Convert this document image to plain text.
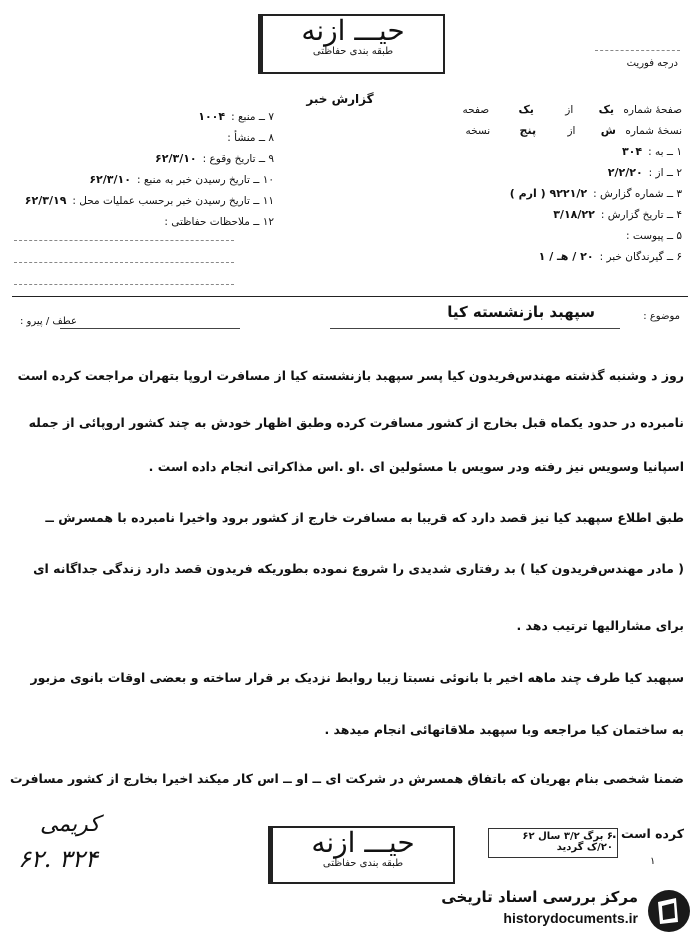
حیـــ ازنه
طبقه بندی حفاظتی
درجه فوریت
گزارش خبر
صفحۀ شماره یک از یک صفحه
نسخۀ شماره ش از پنج نسخه
۱ ــ به :۳۰۴
۲ ــ از :۲/۲/۲۰
۳ ــ شماره گزارش :۹۲۲۱/۲ ( ارم )
۴ ــ تاریخ گزارش :۳/۱۸/۲۲
۵ ــ پیوست :
۶ ــ گیرندگان خبر :۲۰ / هـ / ۱
۷ ــ منبع :۱۰۰۴
۸ ــ منشأ :
۹ ــ تاریخ وقوع :۶۲/۳/۱۰
۱۰ ــ تاریخ رسیدن خبر به منبع :۶۲/۳/۱۰
۱۱ ــ تاریخ رسیدن خبر برحسب عملیات محل :۶۲/۳/۱۹
۱۲ ــ ملاحظات حفاظتی :
موضوع :
سپهبد بازنشسته کیا
عطف / پیرو :
روز د وشنبه گذشته مهندس‌فریدون کیا پسر سپهبد بازنشسته کیا از مسافرت اروپا بتهران مراجعت کرده است
نامبرده در حدود یکماه قبل بخارج از کشور مسافرت کرده وطبق اظهار خودش به چند کشور اروپائی از جمله
اسپانیا وسویس نیز رفته ودر سویس با مسئولین ای .او .اس مذاکراتی انجام داده است .
طبق اطلاع سپهبد کیا نیز قصد دارد که قریبا به مسافرت خارج از کشور برود واخیرا نامبرده با همسرش ــ
( مادر مهندس‌فریدون کیا ) بد رفتاری شدیدی را شروع نموده بطوریکه فریدون قصد دارد زندگی جداگانه ای
برای مشارالیها ترتیب دهد .
سپهبد کیا طرف چند ماهه اخیر با بانوئی نسبتا زیبا روابط نزدیک بر قرار ساخته و بعضی اوقات بانوی مزبور
به ساختمان کیا مراجعه وبا سپهبد ملاقاتهائی انجام میدهد .
ضمنا شخصی بنام بهریان که باتفاق همسرش در شرکت ای ــ او ــ اس کار میکند اخیرا بخارج از کشور مسافرت
کرده است .
کریمی
۶۲. ۳۲۴	حیـــ ازنه
طبقه بندی حفاظتی
۶ برگ ۳/۲ سال ۶۲
۲۰/ک گردید
۱
مرکز بررسی اسناد تاریخی
historydocuments.ir
